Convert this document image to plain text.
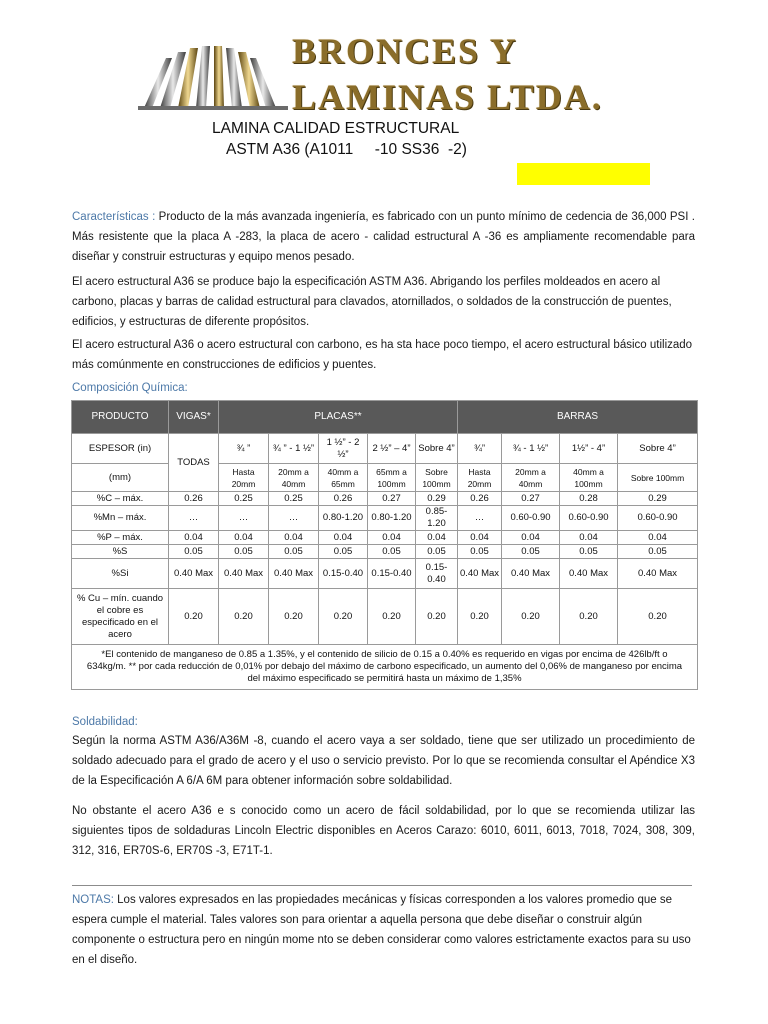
BRONCES Y
LAMINAS LTDA.
LAMINA CALIDAD ESTRUCTURAL
ASTM A36 (A1011     -10 SS36  -2)
Características : Producto de la más avanzada ingeniería, es fabricado con un punto mínimo de cedencia de 36,000 PSI . Más resistente que la placa A -283, la placa de acero - calidad estructural A -36 es ampliamente recomendable para diseñar y construir estructuras y equipo menos pesado.
El acero estructural A36 se produce bajo la especificación ASTM A36. Abrigando los perfiles moldeados en acero al carbono, placas y barras de calidad estructural para clavados, atornillados, o soldados de la construcción de puentes, edificios, y estructuras de diferente propósitos.
El acero estructural A36 o acero estructural con carbono, es ha sta hace poco tiempo, el acero estructural básico utilizado más comúnmente en construcciones de edificios y puentes.
Composición Química:
PRODUCTO	VIGAS*	PLACAS**					BARRAS			
ESPESOR (in)	TODAS	¾ ”	¾ ” - 1 ½”	1 ½” - 2 ½”	2 ½” – 4”	Sobre 4”	¾”	¾ - 1 ½”	1½” - 4”	Sobre 4”
(mm)		Hasta 20mm	20mm a 40mm	40mm a 65mm	65mm a 100mm	Sobre 100mm	Hasta 20mm	20mm a 40mm	40mm a 100mm	Sobre 100mm
%C – máx.	0.26	0.25	0.25	0.26	0.27	0.29	0.26	0.27	0.28	0.29
%Mn – máx.	…	…	…	0.80-1.20	0.80-1.20	0.85-1.20	…	0.60-0.90	0.60-0.90	0.60-0.90
%P – máx.	0.04	0.04	0.04	0.04	0.04	0.04	0.04	0.04	0.04	0.04
%S	0.05	0.05	0.05	0.05	0.05	0.05	0.05	0.05	0.05	0.05
%Si	0.40 Max	0.40 Max	0.40 Max	0.15-0.40	0.15-0.40	0.15-0.40	0.40 Max	0.40 Max	0.40 Max	0.40 Max
% Cu – mín. cuando el cobre es especificado en el acero	0.20	0.20	0.20	0.20	0.20	0.20	0.20	0.20	0.20	0.20
*El contenido de manganeso de 0.85 a 1.35%, y el contenido de silicio de 0.15 a 0.40% es requerido en vigas por encima de 426lb/ft o 634kg/m. ** por cada reducción de 0,01% por debajo del máximo de carbono especificado, un aumento del 0,06% de manganeso por encima del máximo especificado se permitirá hasta un máximo de 1,35%										
Soldabilidad:
Según la norma ASTM A36/A36M -8, cuando el acero vaya a ser soldado, tiene que ser utilizado un procedimiento de soldado adecuado para el grado de acero y el uso o servicio previsto. Por lo que se recomienda consultar el Apéndice X3 de la Especificación A 6/A 6M para obtener información sobre soldabilidad.
No obstante el acero A36 e s conocido como un acero de fácil soldabilidad, por lo que se recomienda utilizar las siguientes tipos de soldaduras Lincoln Electric disponibles en Aceros Carazo: 6010, 6011, 6013, 7018, 7024, 308, 309, 312, 316, ER70S-6, ER70S -3, E71T-1.
NOTAS: Los valores expresados en las propiedades mecánicas y físicas corresponden a los valores promedio que se espera cumple el material. Tales valores son para orientar a aquella persona que debe diseñar o construir algún componente o estructura pero en ningún mome nto se deben considerar como valores estrictamente exactos para su uso en el diseño.
